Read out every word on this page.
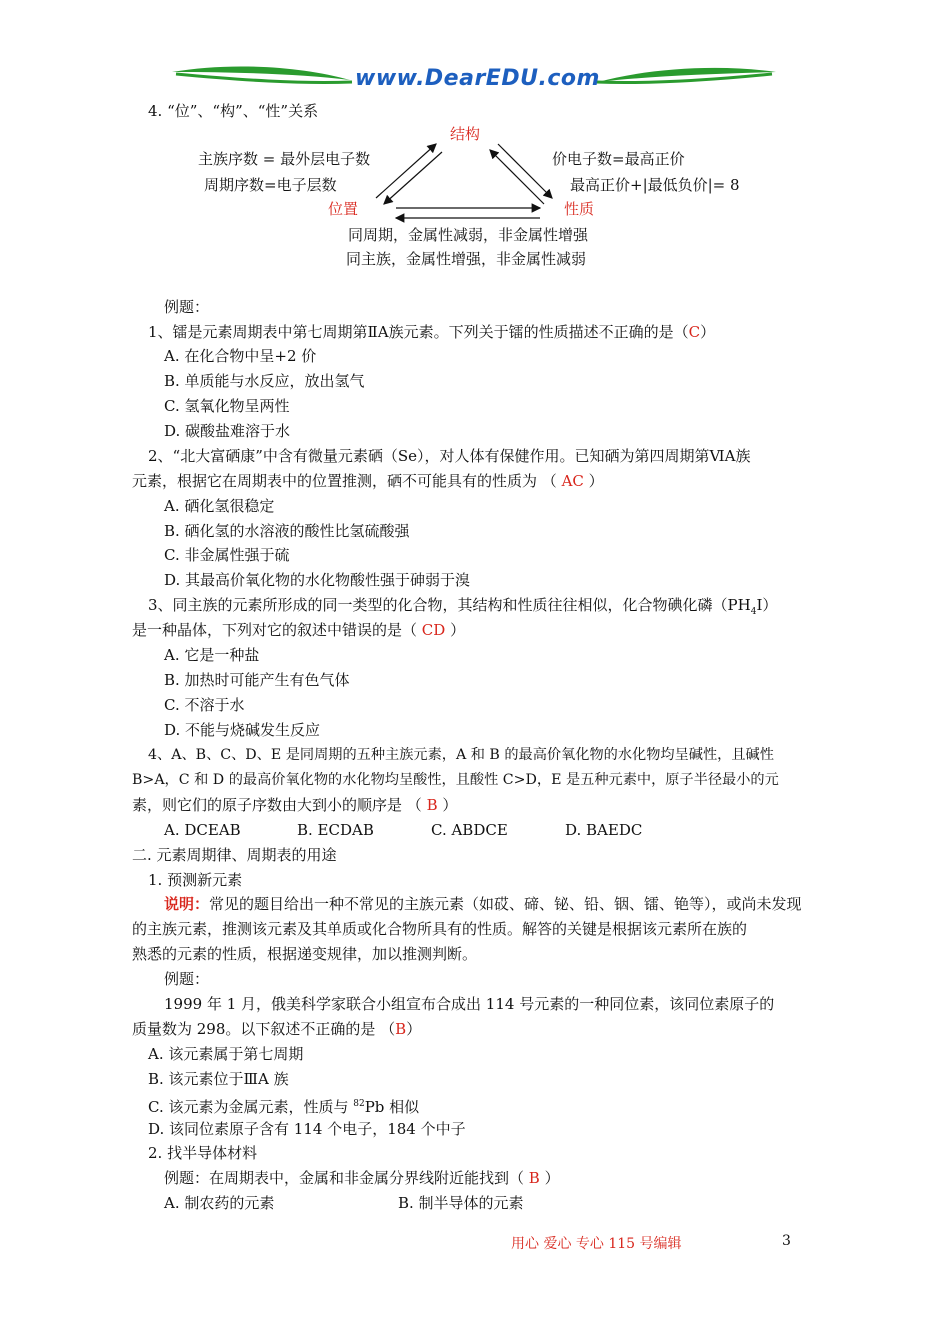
www.DearEDU.com
4. “位”、“构”、“性”关系
结构
位置	性质
主族序数 = 最外层电子数
周期序数=电子层数
价电子数=最高正价
最高正价+|最低负价|= 8
同周期，金属性减弱，非金属性增强
同主族，金属性增强，非金属性减弱
例题：
1、镭是元素周期表中第七周期第ⅡA族元素。下列关于镭的性质描述不正确的是（C）
A. 在化合物中呈+2 价
B. 单质能与水反应，放出氢气
C. 氢氧化物呈两性
D. 碳酸盐难溶于水
2、“北大富硒康”中含有微量元素硒（Se），对人体有保健作用。已知硒为第四周期第ⅥA族
元素，根据它在周期表中的位置推测，硒不可能具有的性质为 （ AC ）
A. 硒化氢很稳定
B. 硒化氢的水溶液的酸性比氢硫酸强
C. 非金属性强于硫
D. 其最高价氧化物的水化物酸性强于砷弱于溴
3、同主族的元素所形成的同一类型的化合物，其结构和性质往往相似，化合物碘化磷$(PH_4I)$
是一种晶体，下列对它的叙述中错误的是（ CD ）
A. 它是一种盐
B. 加热时可能产生有色气体
C. 不溶于水
D. 不能与烧碱发生反应
4、A、B、C、D、E 是同周期的五种主族元素，A 和 B 的最高价氧化物的水化物均呈碱性，且碱性
B>A，C 和 D 的最高价氧化物的水化物均呈酸性，且酸性 C>D，E 是五种元素中，原子半径最小的元
素，则它们的原子序数由大到小的顺序是 （ B ）
A. DCEAB	B. ECDAB	C. ABDCE	D. BAEDC
二. 元素周期律、周期表的用途
1. 预测新元素
说明：常见的题目给出一种不常见的主族元素（如砹、碲、铋、铅、铟、镭、铯等），或尚未发现
的主族元素，推测该元素及其单质或化合物所具有的性质。解答的关键是根据该元素所在族的
熟悉的元素的性质，根据递变规律，加以推测判断。
例题：
1999 年 1 月，俄美科学家联合小组宣布合成出 114 号元素的一种同位素，该同位素原子的
质量数为 298。以下叙述不正确的是 （B）
A. 该元素属于第七周期
B. 该元素位于ⅢA 族
C. 该元素为金属元素，性质与 $^{82}$Pb 相似
D. 该同位素原子含有 114 个电子，184 个中子
2. 找半导体材料
例题：在周期表中，金属和非金属分界线附近能找到（ B ）
A. 制农药的元素	B. 制半导体的元素
用心 爱心 专心 115 号编辑	3
